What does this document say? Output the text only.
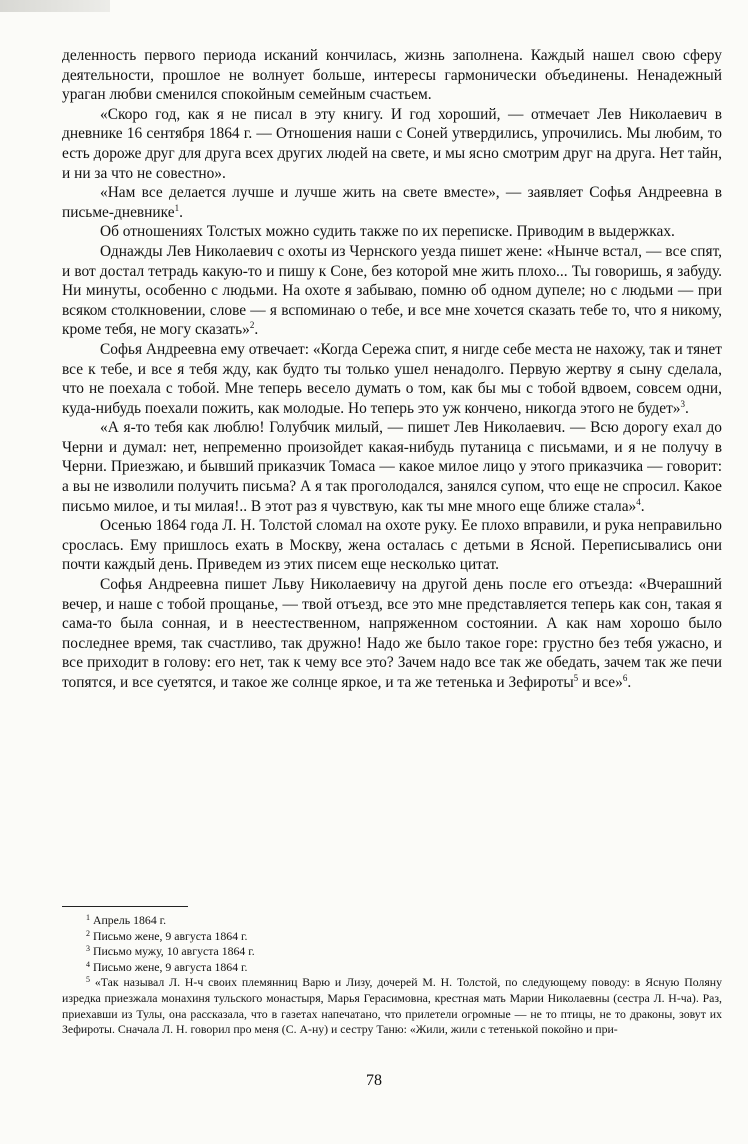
деленность первого периода исканий кончилась, жизнь заполнена. Каждый нашел свою сферу деятельности, прошлое не волнует больше, интересы гармонически объединены. Ненадежный ураган любви сменился спокойным семейным счастьем.

«Скоро год, как я не писал в эту книгу. И год хороший, — отмечает Лев Николаевич в дневнике 16 сентября 1864 г. — Отношения наши с Соней утвердились, упрочились. Мы любим, то есть дороже друг для друга всех других людей на свете, и мы ясно смотрим друг на друга. Нет тайн, и ни за что не совестно».

«Нам все делается лучше и лучше жить на свете вместе», — заявляет Софья Андреевна в письме-дневнике$^1$.

Об отношениях Толстых можно судить также по их переписке. Приводим в выдержках.

Однажды Лев Николаевич с охоты из Чернского уезда пишет жене: «Нынче встал, — все спят, и вот достал тетрадь какую-то и пишу к Соне, без которой мне жить плохо... Ты говоришь, я забуду. Ни минуты, особенно с людьми. На охоте я забываю, помню об одном дупеле; но с людьми — при всяком столкновении, слове — я вспоминаю о тебе, и все мне хочется сказать тебе то, что я никому, кроме тебя, не могу сказать»$^2$.

Софья Андреевна ему отвечает: «Когда Сережа спит, я нигде себе места не нахожу, так и тянет все к тебе, и все я тебя жду, как будто ты только ушел ненадолго. Первую жертву я сыну сделала, что не поехала с тобой. Мне теперь весело думать о том, как бы мы с тобой вдвоем, совсем одни, куда-нибудь поехали пожить, как молодые. Но теперь это уж кончено, никогда этого не будет»$^3$.

«А я-то тебя как люблю! Голубчик милый, — пишет Лев Николаевич. — Всю дорогу ехал до Черни и думал: нет, непременно произойдет какая-нибудь путаница с письмами, и я не получу в Черни. Приезжаю, и бывший приказчик Томаса — какое милое лицо у этого приказчика — говорит: а вы не изволили получить письма? А я так проголодался, занялся супом, что еще не спросил. Какое письмо милое, и ты милая!.. В этот раз я чувствую, как ты мне много еще ближе стала»$^4$.

Осенью 1864 года Л. Н. Толстой сломал на охоте руку. Ее плохо вправили, и рука неправильно срослась. Ему пришлось ехать в Москву, жена осталась с детьми в Ясной. Переписывались они почти каждый день. Приведем из этих писем еще несколько цитат.

Софья Андреевна пишет Льву Николаевичу на другой день после его отъезда: «Вчерашний вечер, и наше с тобой прощанье, — твой отъезд, все это мне представляется теперь как сон, такая я сама-то была сонная, и в неестественном, напряженном состоянии. А как нам хорошо было последнее время, так счастливо, так дружно! Надо же было такое горе: грустно без тебя ужасно, и все приходит в голову: его нет, так к чему все это? Зачем надо все так же обедать, зачем так же печи топятся, и все суетятся, и такое же солнце яркое, и та же тетенька и Зефироты$^5$ и все»$^6$.

$^1$ Апрель 1864 г.
$^2$ Письмо жене, 9 августа 1864 г.
$^3$ Письмо мужу, 10 августа 1864 г.
$^4$ Письмо жене, 9 августа 1864 г.
$^5$ «Так называл Л. Н-ч своих племянниц Варю и Лизу, дочерей М. Н. Толстой, по следующему поводу: в Ясную Поляну изредка приезжала монахиня тульского монастыря, Марья Герасимовна, крестная мать Марии Николаевны (сестра Л. Н-ча). Раз, приехавши из Тулы, она рассказала, что в газетах напечатано, что прилетели огромные — не то птицы, не то драконы, зовут их Зефироты. Сначала Л. Н. говорил про меня (С. А-ну) и сестру Таню: «Жили, жили с тетенькой покойно и при-
78
